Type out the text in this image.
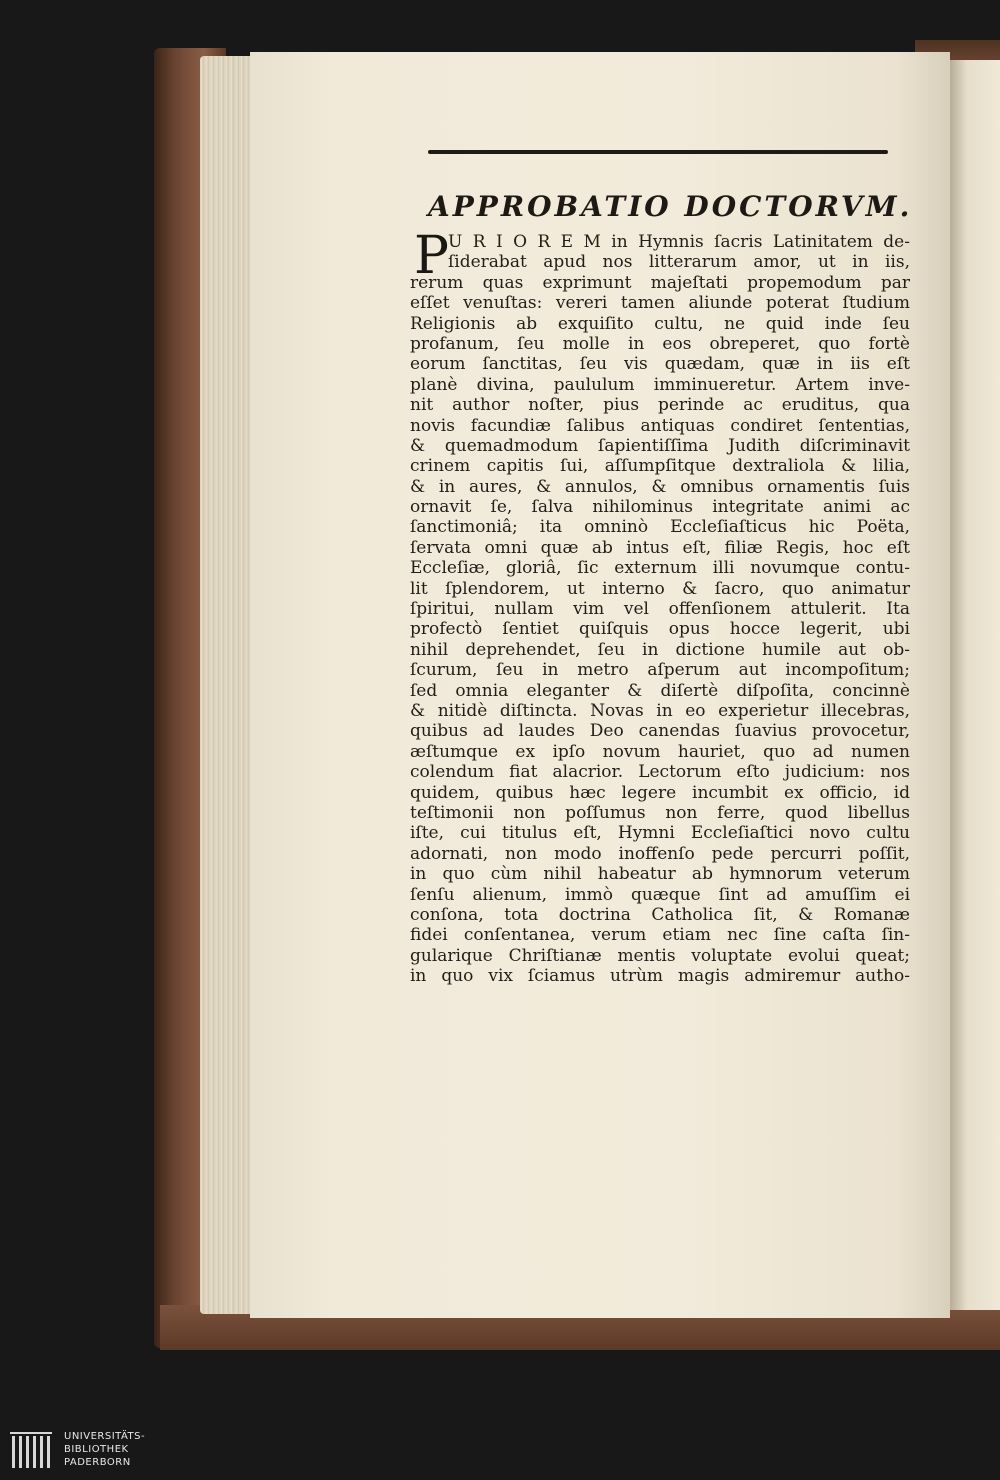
APPROBATIO DOCTORVM.
P U R I O R E M in Hymnis ſacris Latinitatem de-
ſiderabat apud nos litterarum amor, ut in iis,
rerum quas exprimunt majeſtati propemodum par
eſſet venuſtas: vereri tamen aliunde poterat ſtudium
Religionis ab exquiſito cultu, ne quid inde ſeu
profanum, ſeu molle in eos obreperet, quo fortè
eorum ſanctitas, ſeu vis quædam, quæ in iis eſt
planè divina, paululum imminueretur. Artem inve-
nit author noſter, pius perinde ac eruditus, qua
novis facundiæ ſalibus antiquas condiret ſententias,
& quemadmodum ſapientiſſima Judith diſcriminavit
crinem capitis ſui, aſſumpſitque dextraliola & lilia,
& in aures, & annulos, & omnibus ornamentis ſuis
ornavit ſe, ſalva nihilominus integritate animi ac
ſanctimoniâ; ita omninò Eccleſiaſticus hic Poëta,
ſervata omni quæ ab intus eſt, filiæ Regis, hoc eſt
Eccleſiæ, gloriâ, ſic externum illi novumque contu-
lit ſplendorem, ut interno & ſacro, quo animatur
ſpiritui, nullam vim vel offenſionem attulerit. Ita
profectò ſentiet quiſquis opus hocce legerit, ubi
nihil deprehendet, ſeu in dictione humile aut ob-
ſcurum, ſeu in metro aſperum aut incompoſitum;
ſed omnia eleganter & diſertè diſpoſita, concinnè
& nitidè diſtincta. Novas in eo experietur illecebras,
quibus ad laudes Deo canendas ſuavius provocetur,
æſtumque ex ipſo novum hauriet, quo ad numen
colendum fiat alacrior. Lectorum eſto judicium: nos
quidem, quibus hæc legere incumbit ex officio, id
teſtimonii non poſſumus non ferre, quod libellus
iſte, cui titulus eſt, Hymni Eccleſiaſtici novo cultu
adornati, non modo inoffenſo pede percurri poſſit,
in quo cùm nihil habeatur ab hymnorum veterum
ſenſu alienum, immò quæque ſint ad amuſſim ei
conſona, tota doctrina Catholica ſit, & Romanæ
fidei conſentanea, verum etiam nec ſine caſta ſin-
gularique Chriſtianæ mentis voluptate evolui queat;
in quo vix ſciamus utrùm magis admiremur autho-
UNIVERSITÄTS-
BIBLIOTHEK
PADERBORN
